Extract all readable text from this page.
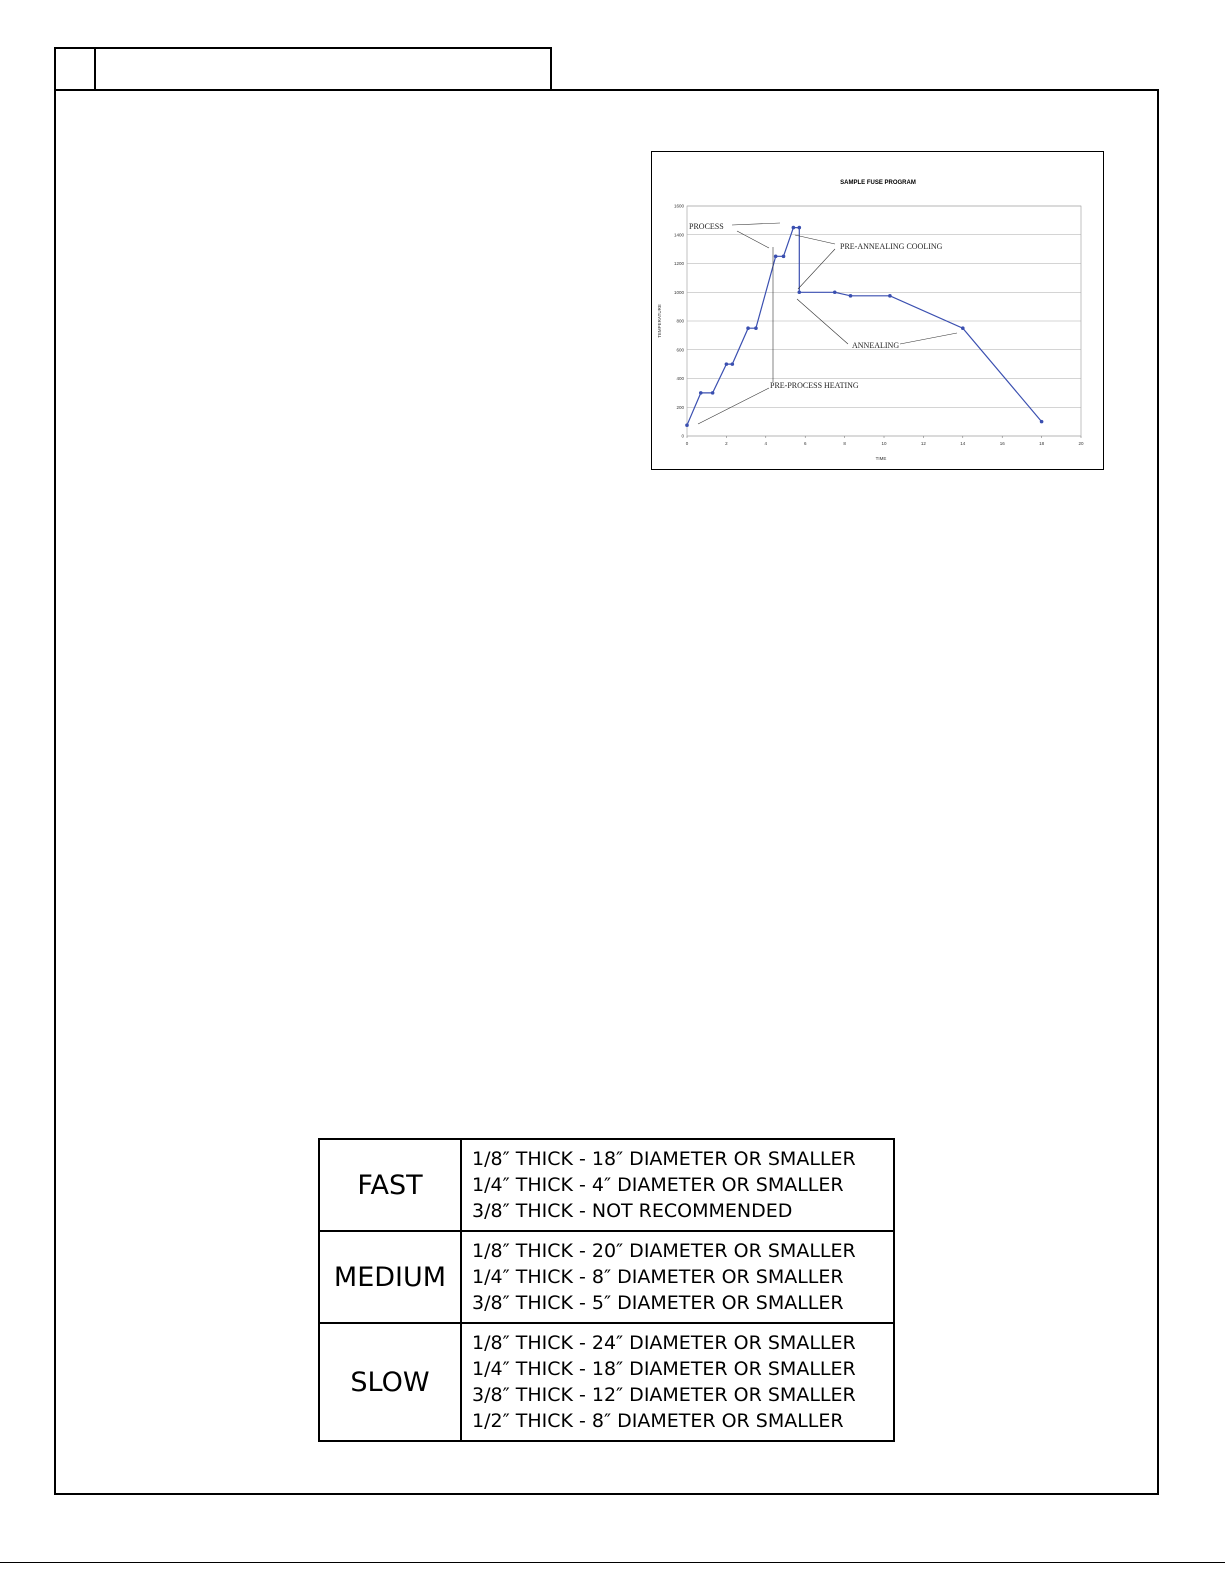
SAMPLE FUSE PROGRAM
0
200
400
600
800
1000
1200
1400
1600
0	2	4	6	8	10	12	14	16	18	20
TIME
TEMPERATURE
PROCESS
PRE-ANNEALING COOLING
ANNEALING
PRE-PROCESS HEATING
FAST	1/8″ THICK - 18″ DIAMETER OR SMALLER
1/4″ THICK - 4″ DIAMETER OR SMALLER
3/8″ THICK - NOT RECOMMENDED

MEDIUM	1/8″ THICK - 20″ DIAMETER OR SMALLER
1/4″ THICK - 8″ DIAMETER OR SMALLER
3/8″ THICK - 5″ DIAMETER OR SMALLER

SLOW	1/8″ THICK - 24″ DIAMETER OR SMALLER
1/4″ THICK - 18″ DIAMETER OR SMALLER
3/8″ THICK - 12″ DIAMETER OR SMALLER
1/2″ THICK - 8″ DIAMETER OR SMALLER
